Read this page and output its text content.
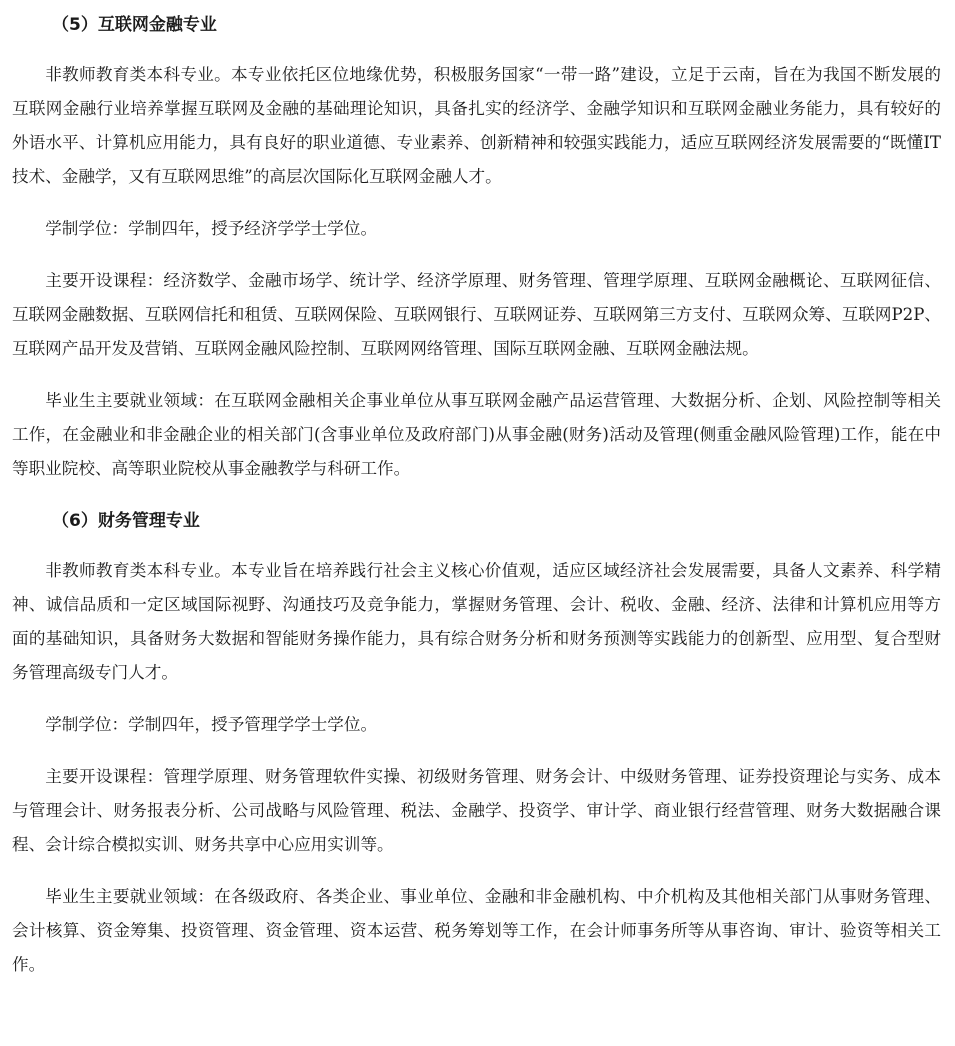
（5）互联网金融专业

非教师教育类本科专业。本专业依托区位地缘优势，积极服务国家“一带一路”建设，立足于云南，旨在为我国不断发展的互联网金融行业培养掌握互联网及金融的基础理论知识，具备扎实的经济学、金融学知识和互联网金融业务能力，具有较好的外语水平、计算机应用能力，具有良好的职业道德、专业素养、创新精神和较强实践能力，适应互联网经济发展需要的“既懂IT技术、金融学，又有互联网思维”的高层次国际化互联网金融人才。

学制学位：学制四年，授予经济学学士学位。

主要开设课程：经济数学、金融市场学、统计学、经济学原理、财务管理、管理学原理、互联网金融概论、互联网征信、互联网金融数据、互联网信托和租赁、互联网保险、互联网银行、互联网证券、互联网第三方支付、互联网众筹、互联网P2P、互联网产品开发及营销、互联网金融风险控制、互联网网络管理、国际互联网金融、互联网金融法规。

毕业生主要就业领域：在互联网金融相关企事业单位从事互联网金融产品运营管理、大数据分析、企划、风险控制等相关工作，在金融业和非金融企业的相关部门(含事业单位及政府部门)从事金融(财务)活动及管理(侧重金融风险管理)工作，能在中等职业院校、高等职业院校从事金融教学与科研工作。

（6）财务管理专业

非教师教育类本科专业。本专业旨在培养践行社会主义核心价值观，适应区域经济社会发展需要，具备人文素养、科学精神、诚信品质和一定区域国际视野、沟通技巧及竞争能力，掌握财务管理、会计、税收、金融、经济、法律和计算机应用等方面的基础知识，具备财务大数据和智能财务操作能力，具有综合财务分析和财务预测等实践能力的创新型、应用型、复合型财务管理高级专门人才。

学制学位：学制四年，授予管理学学士学位。

主要开设课程：管理学原理、财务管理软件实操、初级财务管理、财务会计、中级财务管理、证券投资理论与实务、成本与管理会计、财务报表分析、公司战略与风险管理、税法、金融学、投资学、审计学、商业银行经营管理、财务大数据融合课程、会计综合模拟实训、财务共享中心应用实训等。

毕业生主要就业领域：在各级政府、各类企业、事业单位、金融和非金融机构、中介机构及其他相关部门从事财务管理、会计核算、资金筹集、投资管理、资金管理、资本运营、税务筹划等工作，在会计师事务所等从事咨询、审计、验资等相关工作。
